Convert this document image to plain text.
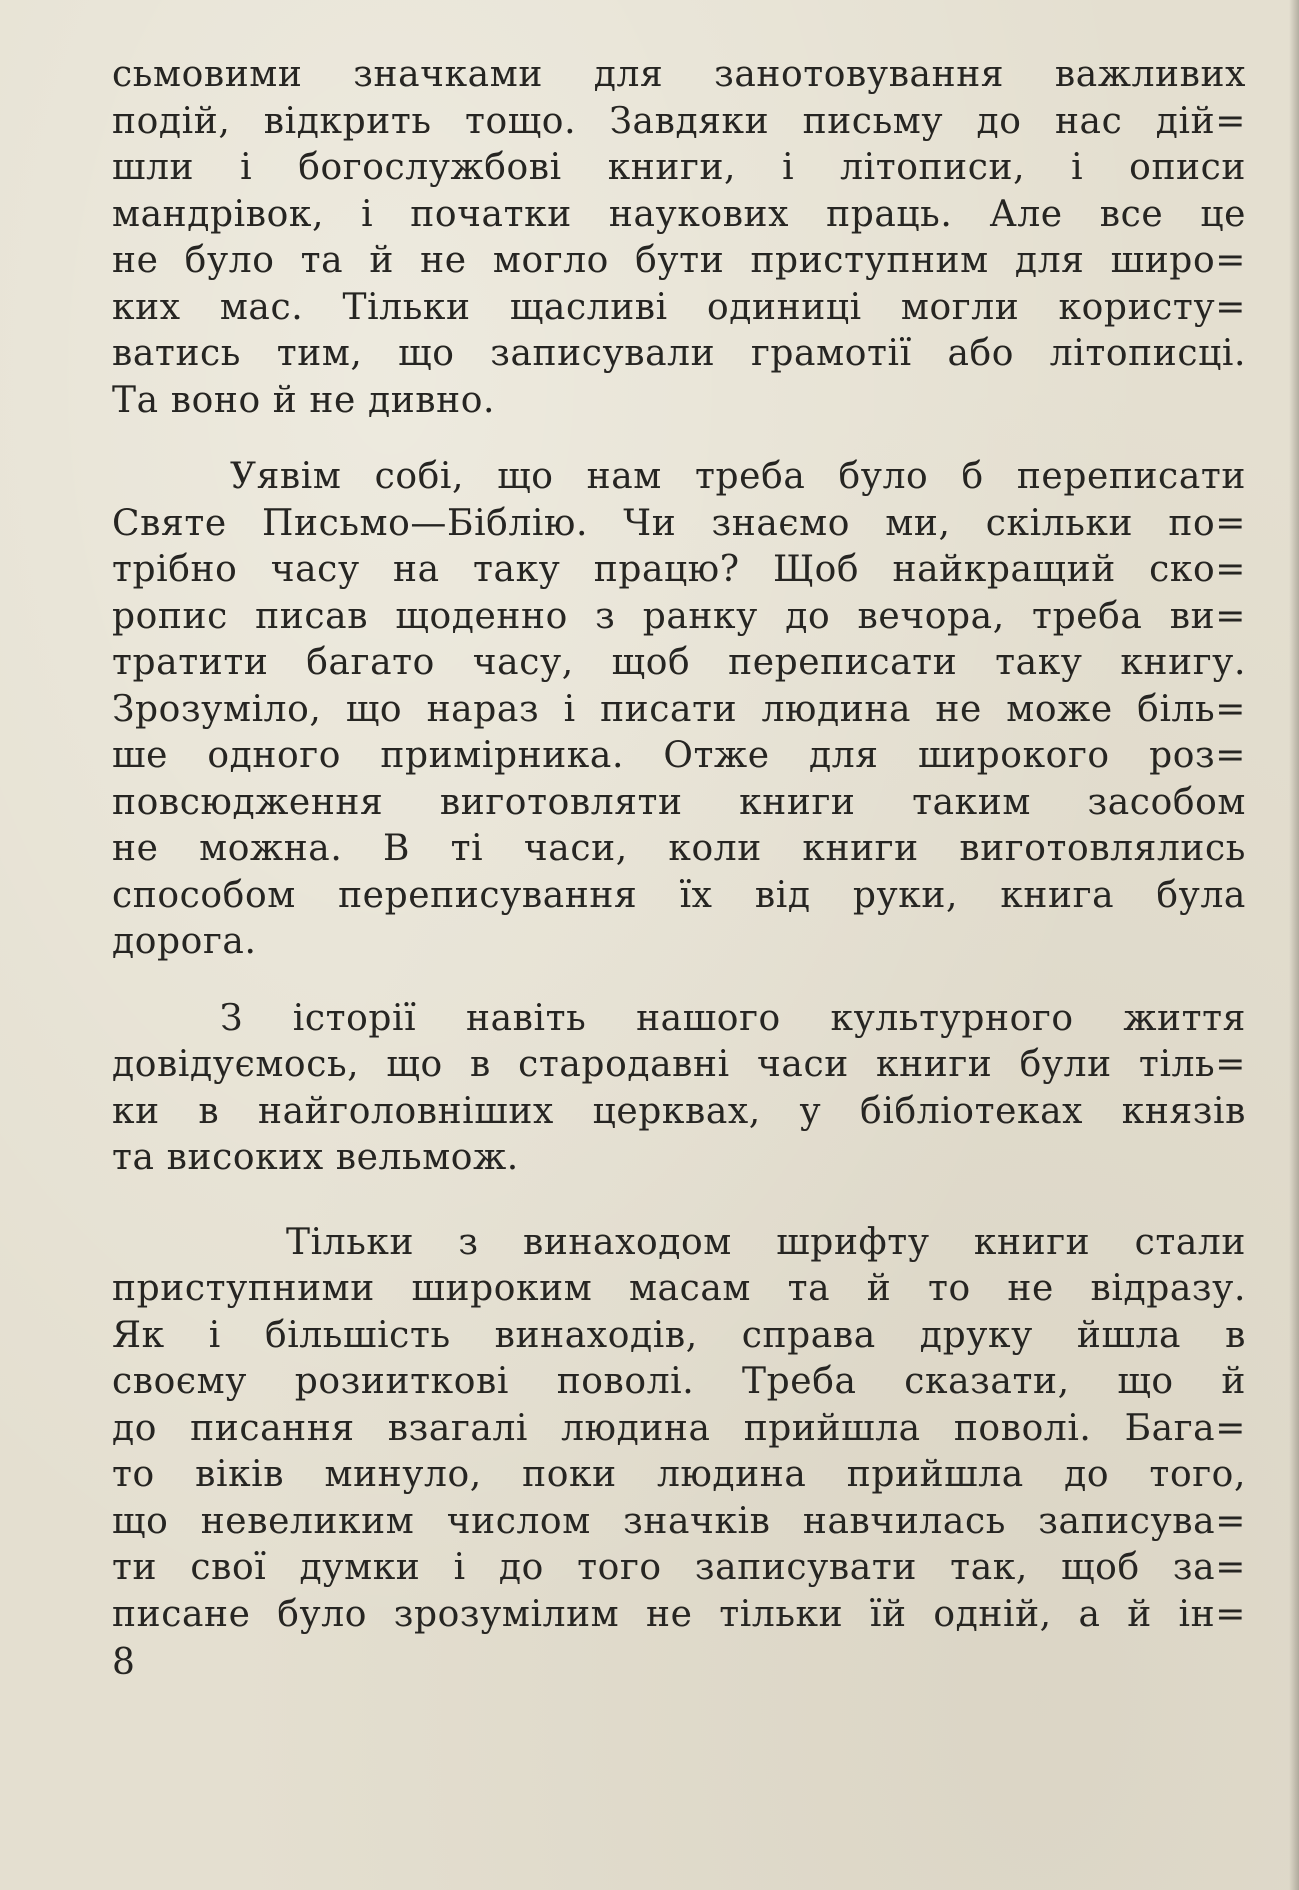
сьмовими значками для занотовування важливих
подій, відкрить тощо. Завдяки письму до нас дій=
шли і богослужбові книги, і літописи, і описи
мандрівок, і початки наукових праць. Але все це
не було та й не могло бути приступним для широ=
ких мас. Тільки щасливі одиниці могли користу=
ватись тим, що записували грамотії або літописці.
Та воно й не дивно.
Уявім собі, що нам треба було б переписати
Святе Письмо—Біблію. Чи знаємо ми, скільки по=
трібно часу на таку працю? Щоб найкращий ско=
ропис писав щоденно з ранку до вечора, треба ви=
тратити багато часу, щоб переписати таку книгу.
Зрозуміло, що нараз і писати людина не може біль=
ше одного примірника. Отже для широкого роз=
повсюдження виготовляти книги таким засобом
не можна. В ті часи, коли книги виготовлялись
способом переписування їх від руки, книга була
дорога.
З історії навіть нашого культурного життя
довідуємось, що в стародавні часи книги були тіль=
ки в найголовніших церквах, у бібліотеках князів
та високих вельмож.
Тільки з винаходом шрифту книги стали
приступними широким масам та й то не відразу.
Як і більшість винаходів, справа друку йшла в
своєму розииткові поволі. Треба сказати, що й
до писання взагалі людина прийшла поволі. Бага=
то віків минуло, поки людина прийшла до того,
що невеликим числом значків навчилась записува=
ти свої думки і до того записувати так, щоб за=
писане було зрозумілим не тільки їй одній, а й ін=
8
